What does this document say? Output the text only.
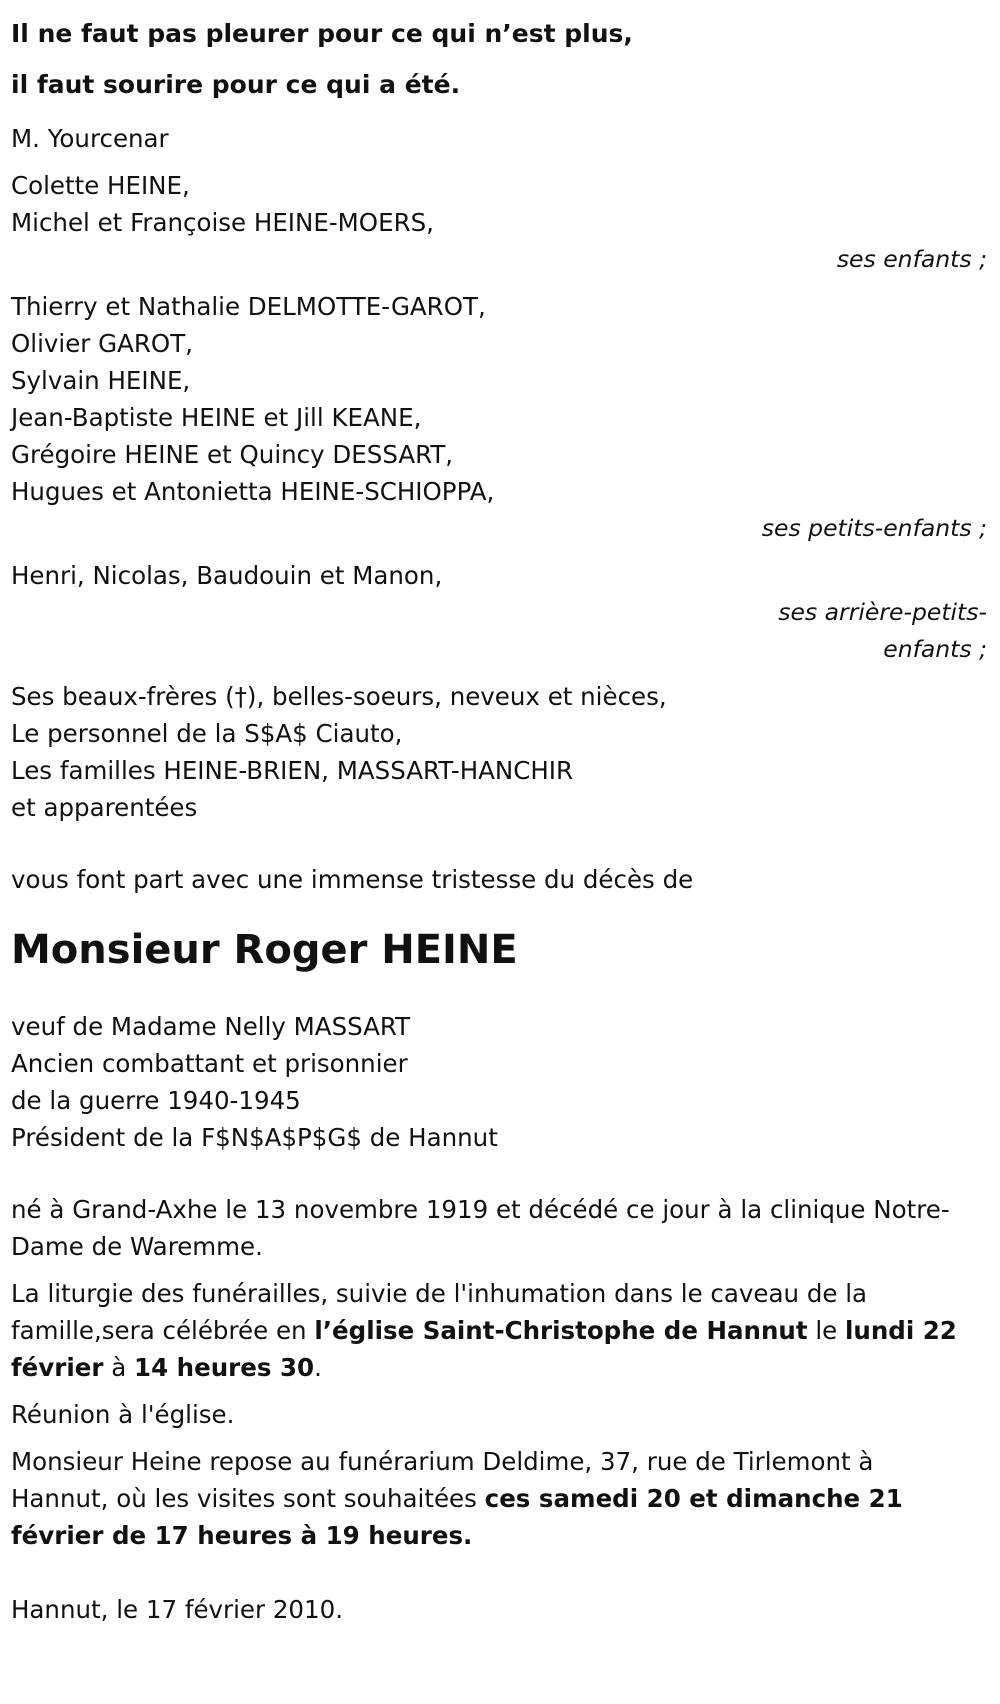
Il ne faut pas pleurer pour ce qui n’est plus,

il faut sourire pour ce qui a été.

M. Yourcenar
Colette HEINE,
Michel et Françoise HEINE-MOERS,
ses enfants ;
Thierry et Nathalie DELMOTTE-GAROT,
Olivier GAROT,
Sylvain HEINE,
Jean-Baptiste HEINE et Jill KEANE,
Grégoire HEINE et Quincy DESSART,
Hugues et Antonietta HEINE-SCHIOPPA,
ses petits-enfants ;
Henri, Nicolas, Baudouin et Manon,
ses arrière-petits-
enfants ;
Ses beaux-frères (†), belles-soeurs, neveux et nièces,
Le personnel de la S$A$ Ciauto,
Les familles HEINE-BRIEN, MASSART-HANCHIR
et apparentées
vous font part avec une immense tristesse du décès de
Monsieur Roger HEINE
veuf de Madame Nelly MASSART
Ancien combattant et prisonnier
de la guerre 1940-1945
Président de la F$N$A$P$G$ de Hannut

né à Grand-Axhe le 13 novembre 1919 et décédé ce jour à la clinique Notre-Dame de Waremme.

La liturgie des funérailles, suivie de l'inhumation dans le caveau de la famille,sera célébrée en l’église Saint-Christophe de Hannut le lundi 22 février à 14 heures 30.

Réunion à l'église.

Monsieur Heine repose au funérarium Deldime, 37, rue de Tirlemont à Hannut, où les visites sont souhaitées ces samedi 20 et dimanche 21 février de 17 heures à 19 heures.

Hannut, le 17 février 2010.
